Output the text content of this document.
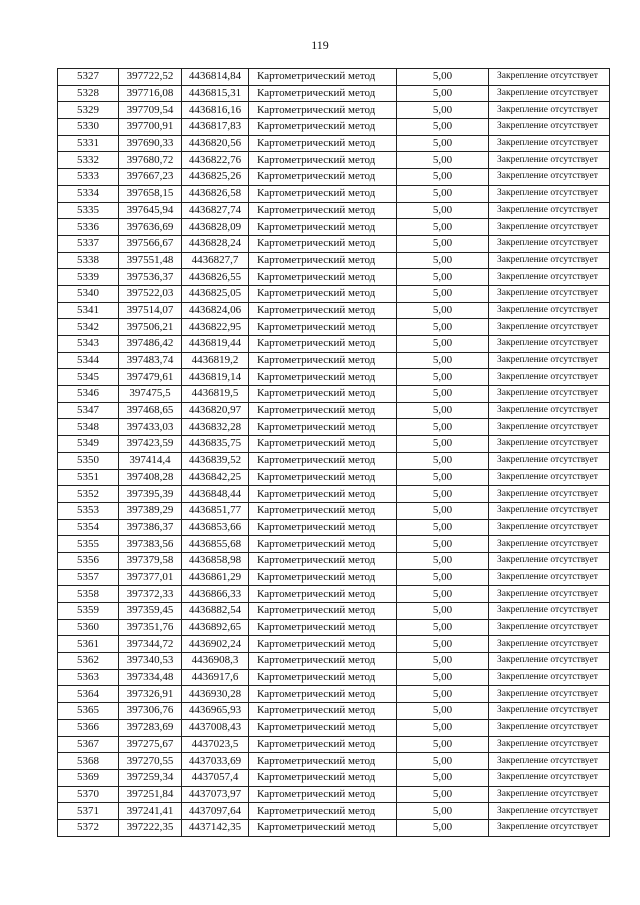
119
5327	397722,52	4436814,84	Картометрический метод	5,00	Закрепление отсутствует
5328	397716,08	4436815,31	Картометрический метод	5,00	Закрепление отсутствует
5329	397709,54	4436816,16	Картометрический метод	5,00	Закрепление отсутствует
5330	397700,91	4436817,83	Картометрический метод	5,00	Закрепление отсутствует
5331	397690,33	4436820,56	Картометрический метод	5,00	Закрепление отсутствует
5332	397680,72	4436822,76	Картометрический метод	5,00	Закрепление отсутствует
5333	397667,23	4436825,26	Картометрический метод	5,00	Закрепление отсутствует
5334	397658,15	4436826,58	Картометрический метод	5,00	Закрепление отсутствует
5335	397645,94	4436827,74	Картометрический метод	5,00	Закрепление отсутствует
5336	397636,69	4436828,09	Картометрический метод	5,00	Закрепление отсутствует
5337	397566,67	4436828,24	Картометрический метод	5,00	Закрепление отсутствует
5338	397551,48	4436827,7	Картометрический метод	5,00	Закрепление отсутствует
5339	397536,37	4436826,55	Картометрический метод	5,00	Закрепление отсутствует
5340	397522,03	4436825,05	Картометрический метод	5,00	Закрепление отсутствует
5341	397514,07	4436824,06	Картометрический метод	5,00	Закрепление отсутствует
5342	397506,21	4436822,95	Картометрический метод	5,00	Закрепление отсутствует
5343	397486,42	4436819,44	Картометрический метод	5,00	Закрепление отсутствует
5344	397483,74	4436819,2	Картометрический метод	5,00	Закрепление отсутствует
5345	397479,61	4436819,14	Картометрический метод	5,00	Закрепление отсутствует
5346	397475,5	4436819,5	Картометрический метод	5,00	Закрепление отсутствует
5347	397468,65	4436820,97	Картометрический метод	5,00	Закрепление отсутствует
5348	397433,03	4436832,28	Картометрический метод	5,00	Закрепление отсутствует
5349	397423,59	4436835,75	Картометрический метод	5,00	Закрепление отсутствует
5350	397414,4	4436839,52	Картометрический метод	5,00	Закрепление отсутствует
5351	397408,28	4436842,25	Картометрический метод	5,00	Закрепление отсутствует
5352	397395,39	4436848,44	Картометрический метод	5,00	Закрепление отсутствует
5353	397389,29	4436851,77	Картометрический метод	5,00	Закрепление отсутствует
5354	397386,37	4436853,66	Картометрический метод	5,00	Закрепление отсутствует
5355	397383,56	4436855,68	Картометрический метод	5,00	Закрепление отсутствует
5356	397379,58	4436858,98	Картометрический метод	5,00	Закрепление отсутствует
5357	397377,01	4436861,29	Картометрический метод	5,00	Закрепление отсутствует
5358	397372,33	4436866,33	Картометрический метод	5,00	Закрепление отсутствует
5359	397359,45	4436882,54	Картометрический метод	5,00	Закрепление отсутствует
5360	397351,76	4436892,65	Картометрический метод	5,00	Закрепление отсутствует
5361	397344,72	4436902,24	Картометрический метод	5,00	Закрепление отсутствует
5362	397340,53	4436908,3	Картометрический метод	5,00	Закрепление отсутствует
5363	397334,48	4436917,6	Картометрический метод	5,00	Закрепление отсутствует
5364	397326,91	4436930,28	Картометрический метод	5,00	Закрепление отсутствует
5365	397306,76	4436965,93	Картометрический метод	5,00	Закрепление отсутствует
5366	397283,69	4437008,43	Картометрический метод	5,00	Закрепление отсутствует
5367	397275,67	4437023,5	Картометрический метод	5,00	Закрепление отсутствует
5368	397270,55	4437033,69	Картометрический метод	5,00	Закрепление отсутствует
5369	397259,34	4437057,4	Картометрический метод	5,00	Закрепление отсутствует
5370	397251,84	4437073,97	Картометрический метод	5,00	Закрепление отсутствует
5371	397241,41	4437097,64	Картометрический метод	5,00	Закрепление отсутствует
5372	397222,35	4437142,35	Картометрический метод	5,00	Закрепление отсутствует
